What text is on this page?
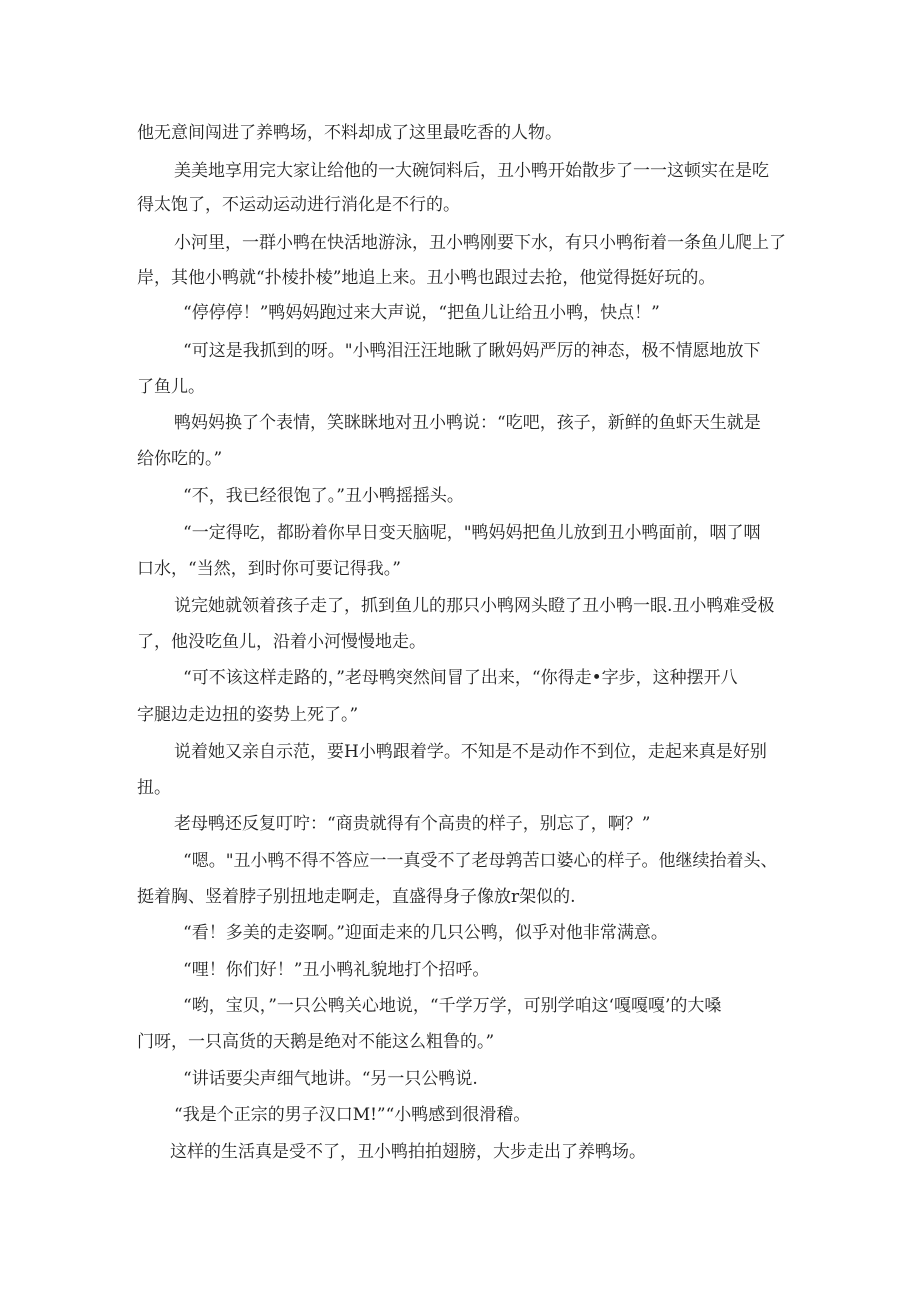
他无意间闯进了养鸭场，不料却成了这里最吃香的人物。
美美地享用完大家让给他的一大碗饲料后，丑小鸭开始散步了一一这顿实在是吃
得太饱了，不运动运动进行消化是不行的。
小河里，一群小鸭在快活地游泳，丑小鸭刚要下水，有只小鸭衔着一条鱼儿爬上了
岸，其他小鸭就“扑棱扑棱”地追上来。丑小鸭也跟过去抢，他觉得挺好玩的。
“停停停！”鸭妈妈跑过来大声说，“把鱼儿让给丑小鸭，快点！”
“可这是我抓到的呀。"小鸭泪汪汪地瞅了瞅妈妈严厉的神态，极不情愿地放下
了鱼儿。
鸭妈妈换了个表情，笑眯眯地对丑小鸭说：“吃吧，孩子，新鲜的鱼虾天生就是
给你吃的。”
“不，我已经很饱了。”丑小鸭摇摇头。
“一定得吃，都盼着你早日变天脑呢，"鸭妈妈把鱼儿放到丑小鸭面前，咽了咽
口水，“当然，到时你可要记得我。”
说完她就领着孩子走了，抓到鱼儿的那只小鸭网头瞪了丑小鸭一眼.丑小鸭难受极
了，他没吃鱼儿，沿着小河慢慢地走。
“可不该这样走路的，”老母鸭突然间冒了出来，“你得走•字步，这种摆开八
字腿边走边扭的姿势上死了。”
说着她又亲自示范，要H小鸭跟着学。不知是不是动作不到位，走起来真是好别
扭。
老母鸭还反复叮咛：“商贵就得有个高贵的样子，别忘了，啊？”
“嗯。"丑小鸭不得不答应一一真受不了老母鹑苦口婆心的样子。他继续抬着头、
挺着胸、竖着脖子别扭地走啊走，直盛得身子像放r架似的.
“看！多美的走姿啊。”迎面走来的几只公鸭，似乎对他非常满意。
“哩！你们好！”丑小鸭礼貌地打个招呼。
“哟，宝贝，”一只公鸭关心地说，“千学万学，可别学咱这‘嘎嘎嘎’的大嗓
门呀，一只高货的天鹅是绝对不能这么粗鲁的。”
“讲话要尖声细气地讲。“另一只公鸭说.
“我是个正宗的男子汉口M!”“小鸭感到很滑稽。
这样的生活真是受不了，丑小鸭拍拍翅膀，大步走出了养鸭场。
